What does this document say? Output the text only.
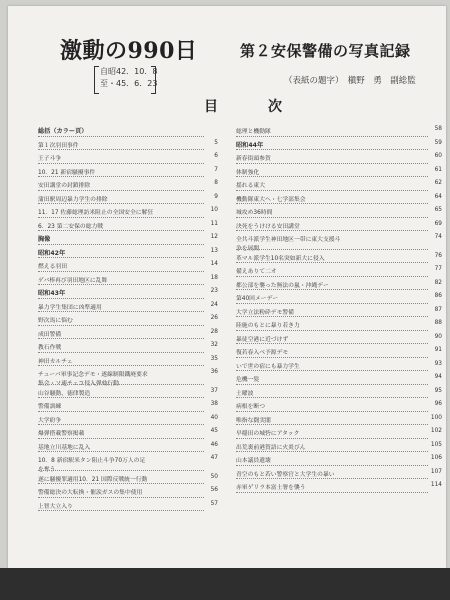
激動の990日	第２安保警備の写真記録
自昭42．10．8
至・45．6．23	（表紙の題字）　槇野　勇　副総監
目　次
総括（カラー頁）
第１次羽田事件	5
王子斗争	6
10．21 新宿騒擾事件	7
安田講堂の封鎖排除	8
蒲田駅周辺暴力学生の排除	9
11．17 佐藤総理訪米阻止の全国安全に解狂	10
6．23 第二安保の総力戦	11
胸像	12
昭和42年	13
燃える羽田	14
ゲバ棒再び羽田地区に乱舞	18
昭和43年	23
暴力学生集団に凶準適用	24
野次馬に悩む	26
成田警備	28
教石作戦	32
神田カルチェ	35
チューバ軍事記念デモ・遂線制限鐵廃要求
集会・ソ連チェコ侵入弾劾行動
36
山谷騒動、徳律製造	37
警備訓練	38
大学紛争	40
爆弾搭載警察掲載	45
基地立川基地に乱入	46
10．8 新宿駅米タン阻止斗争70万人の足
を奪う
47
遂に騒擾罪適用10．21 国際反戦統一行動	50
警備総決の大転換・催涙ガスの集中使用	56
上智大立入り	57
総理と機動隊	58
昭和44年	59
新春街頭参賀	60
体制強化	61
揺れる東大	62
機動隊東大へ・七学部集会	64
城攻め36時間	65
決死をうけける安田講堂	69
全共斗派学生神田地区一帯に東大支援斗
争を展開
74
革マル派学生10名突如新大に侵入	76
備えありて二オ	77
都公部を襲った無法の嵐・沖縄デー	82
第40回メーデー	86
大学立法粉砕デモ警備	87
陸施のもとに暴り若き力	88
暴徒空港に近づけず	90
復若春入べ予源デモ	91
いで世の宿にも暴力学生	93
危機一髪	94
土曜波	95
病根を断つ	96
唯指な闘実閣	100
早稲田の城砦にアタック	102
出荒裏前港賀語に火炎びん	105
山本議員遺壊	106
青空のもと若い警察官と大学生の暴い	107
赤軍ゲリラ本富士署を襲う	114
